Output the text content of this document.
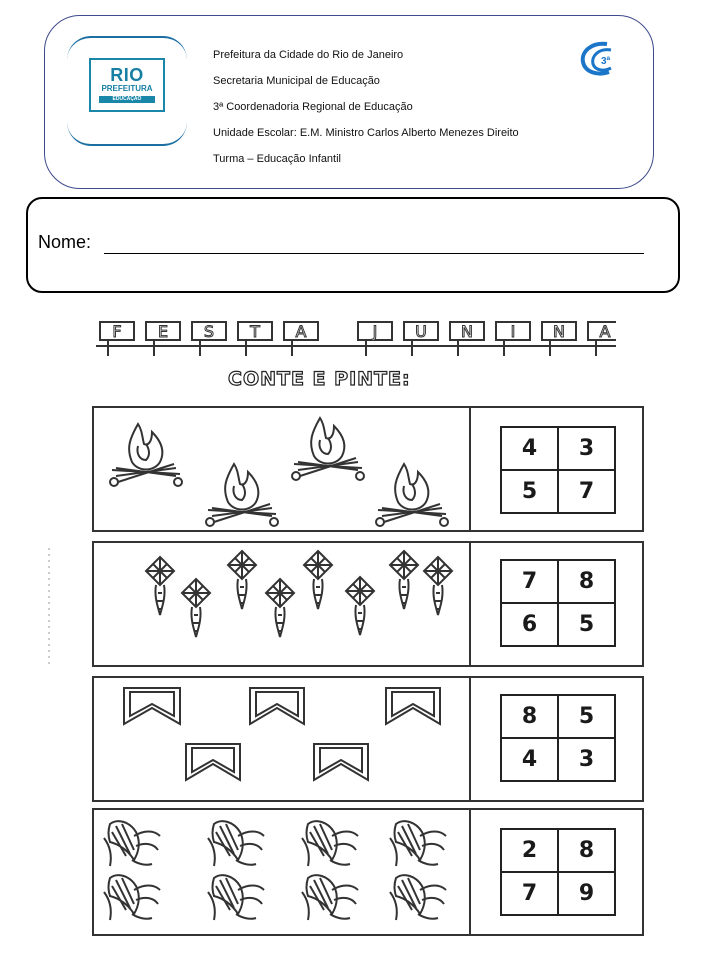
RIO
PREFEITURA
EDUCAÇÃO
Prefeitura da Cidade do Rio de Janeiro
Secretaria Municipal de Educação
3ª Coordenadoria Regional de Educação
Unidade Escolar: E.M. Ministro Carlos Alberto Menezes Direito
Turma – Educação Infantil
3ª
Nome:
F E S T A	J U N I N A
CONTE E PINTE:
4	3
5	7
7	8
6	5
8	5
4	3
2	8
7	9
